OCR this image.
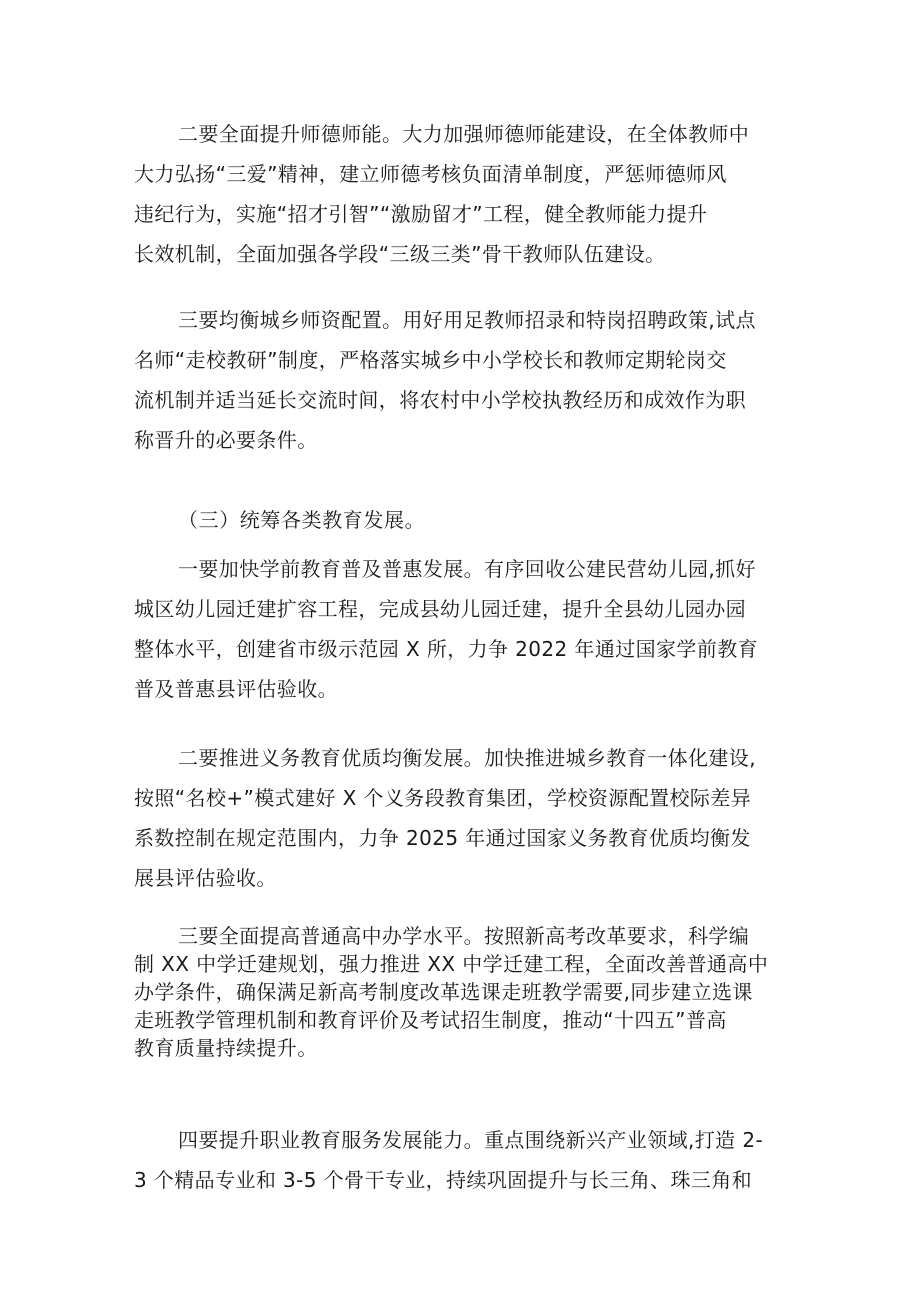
二要全面提升师德师能。大力加强师德师能建设，在全体教师中
大力弘扬“三爱”精神，建立师德考核负面清单制度，严惩师德师风
违纪行为，实施“招才引智”“激励留才”工程，健全教师能力提升
长效机制，全面加强各学段“三级三类”骨干教师队伍建设。
三要均衡城乡师资配置。用好用足教师招录和特岗招聘政策,试点
名师“走校教研”制度，严格落实城乡中小学校长和教师定期轮岗交
流机制并适当延长交流时间，将农村中小学校执教经历和成效作为职
称晋升的必要条件。
（三）统筹各类教育发展。
一要加快学前教育普及普惠发展。有序回收公建民营幼儿园,抓好
城区幼儿园迁建扩容工程，完成县幼儿园迁建，提升全县幼儿园办园
整体水平，创建省市级示范园 X 所，力争 2022 年通过国家学前教育
普及普惠县评估验收。
二要推进义务教育优质均衡发展。加快推进城乡教育一体化建设,
按照“名校+”模式建好 X 个义务段教育集团，学校资源配置校际差异
系数控制在规定范围内，力争 2025 年通过国家义务教育优质均衡发
展县评估验收。
三要全面提高普通高中办学水平。按照新高考改革要求，科学编
制 XX 中学迁建规划，强力推进 XX 中学迁建工程，全面改善普通高中
办学条件，确保满足新高考制度改革选课走班教学需要,同步建立选课
走班教学管理机制和教育评价及考试招生制度，推动“十四五”普高
教育质量持续提升。
四要提升职业教育服务发展能力。重点围绕新兴产业领域,打造 2-
3 个精品专业和 3-5 个骨干专业，持续巩固提升与长三角、珠三角和
